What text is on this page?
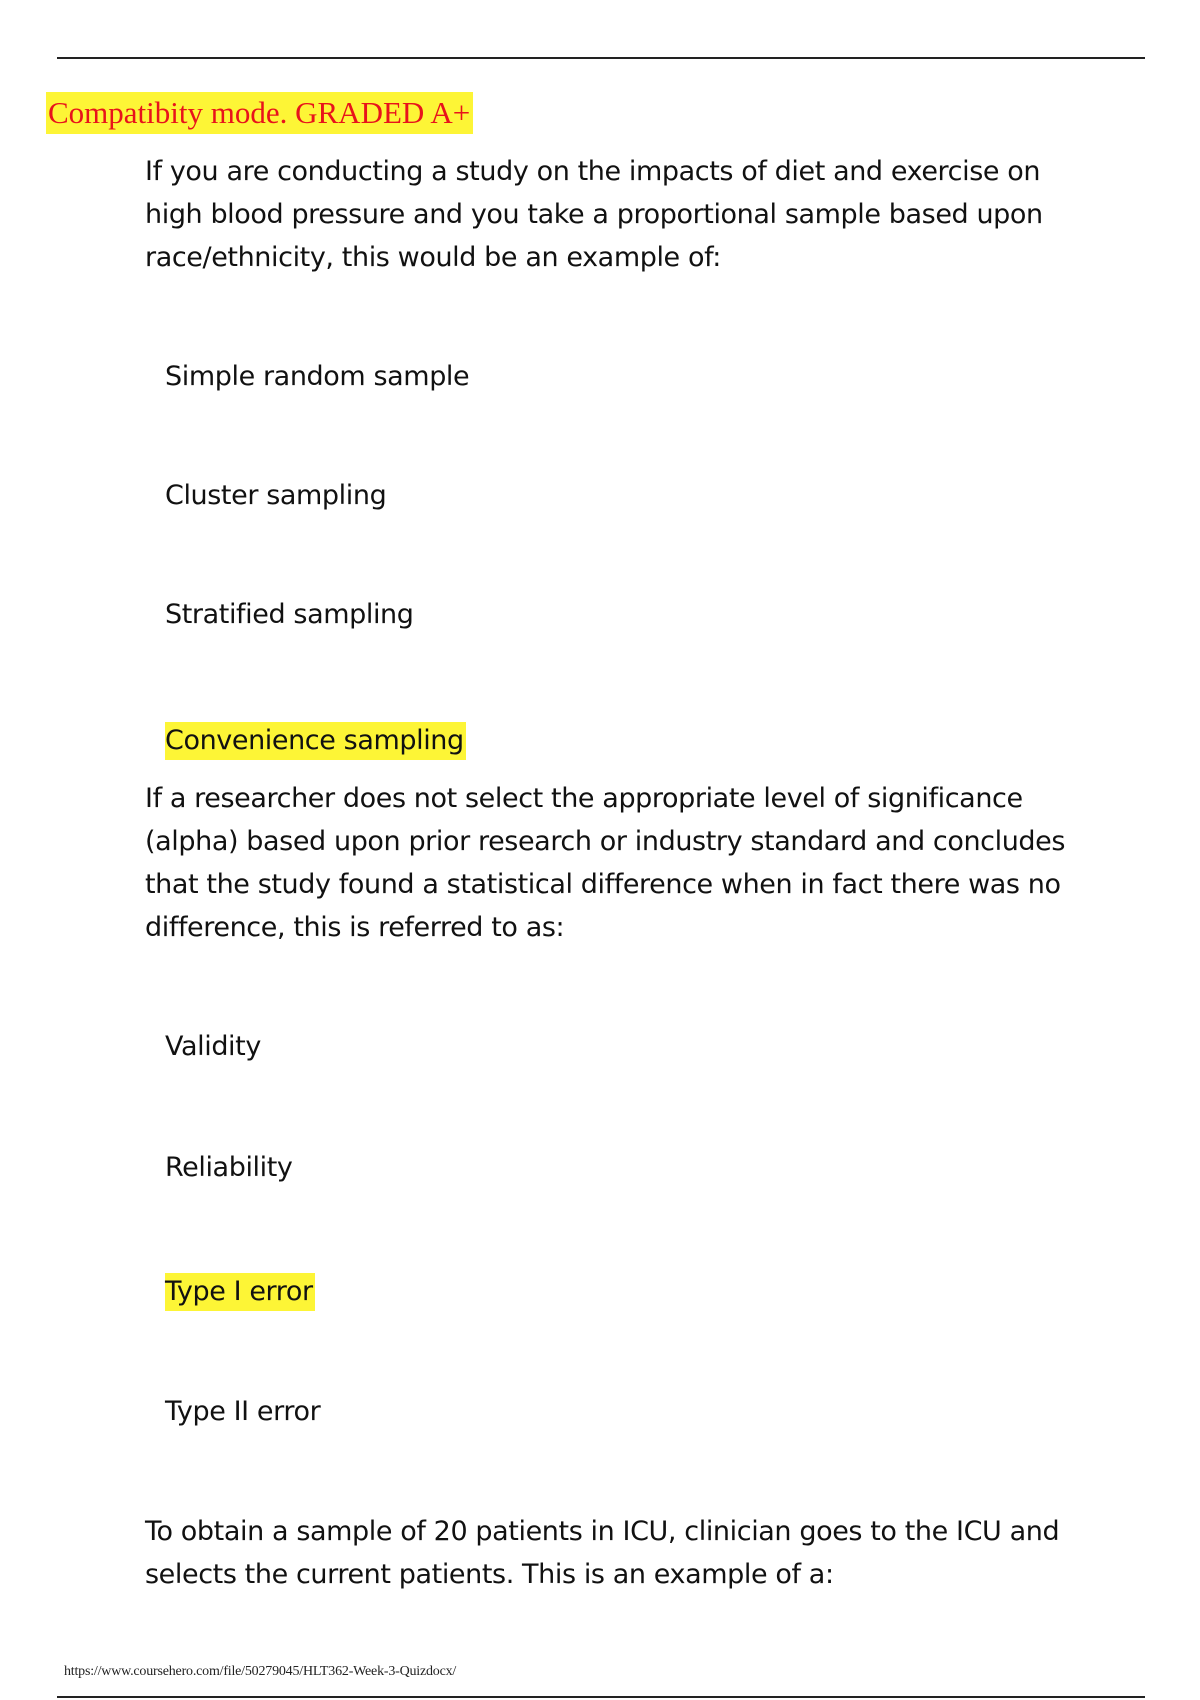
Compatibity mode. GRADED A+
If you are conducting a study on the impacts of diet and exercise on high blood pressure and you take a proportional sample based upon race/ethnicity, this would be an example of:
Simple random sample
Cluster sampling
Stratified sampling
Convenience sampling
If a researcher does not select the appropriate level of significance (alpha) based upon prior research or industry standard and concludes that the study found a statistical difference when in fact there was no difference, this is referred to as:
Validity
Reliability
Type I error
Type II error
To obtain a sample of 20 patients in ICU, clinician goes to the ICU and selects the current patients. This is an example of a:
https://www.coursehero.com/file/50279045/HLT362-Week-3-Quizdocx/
